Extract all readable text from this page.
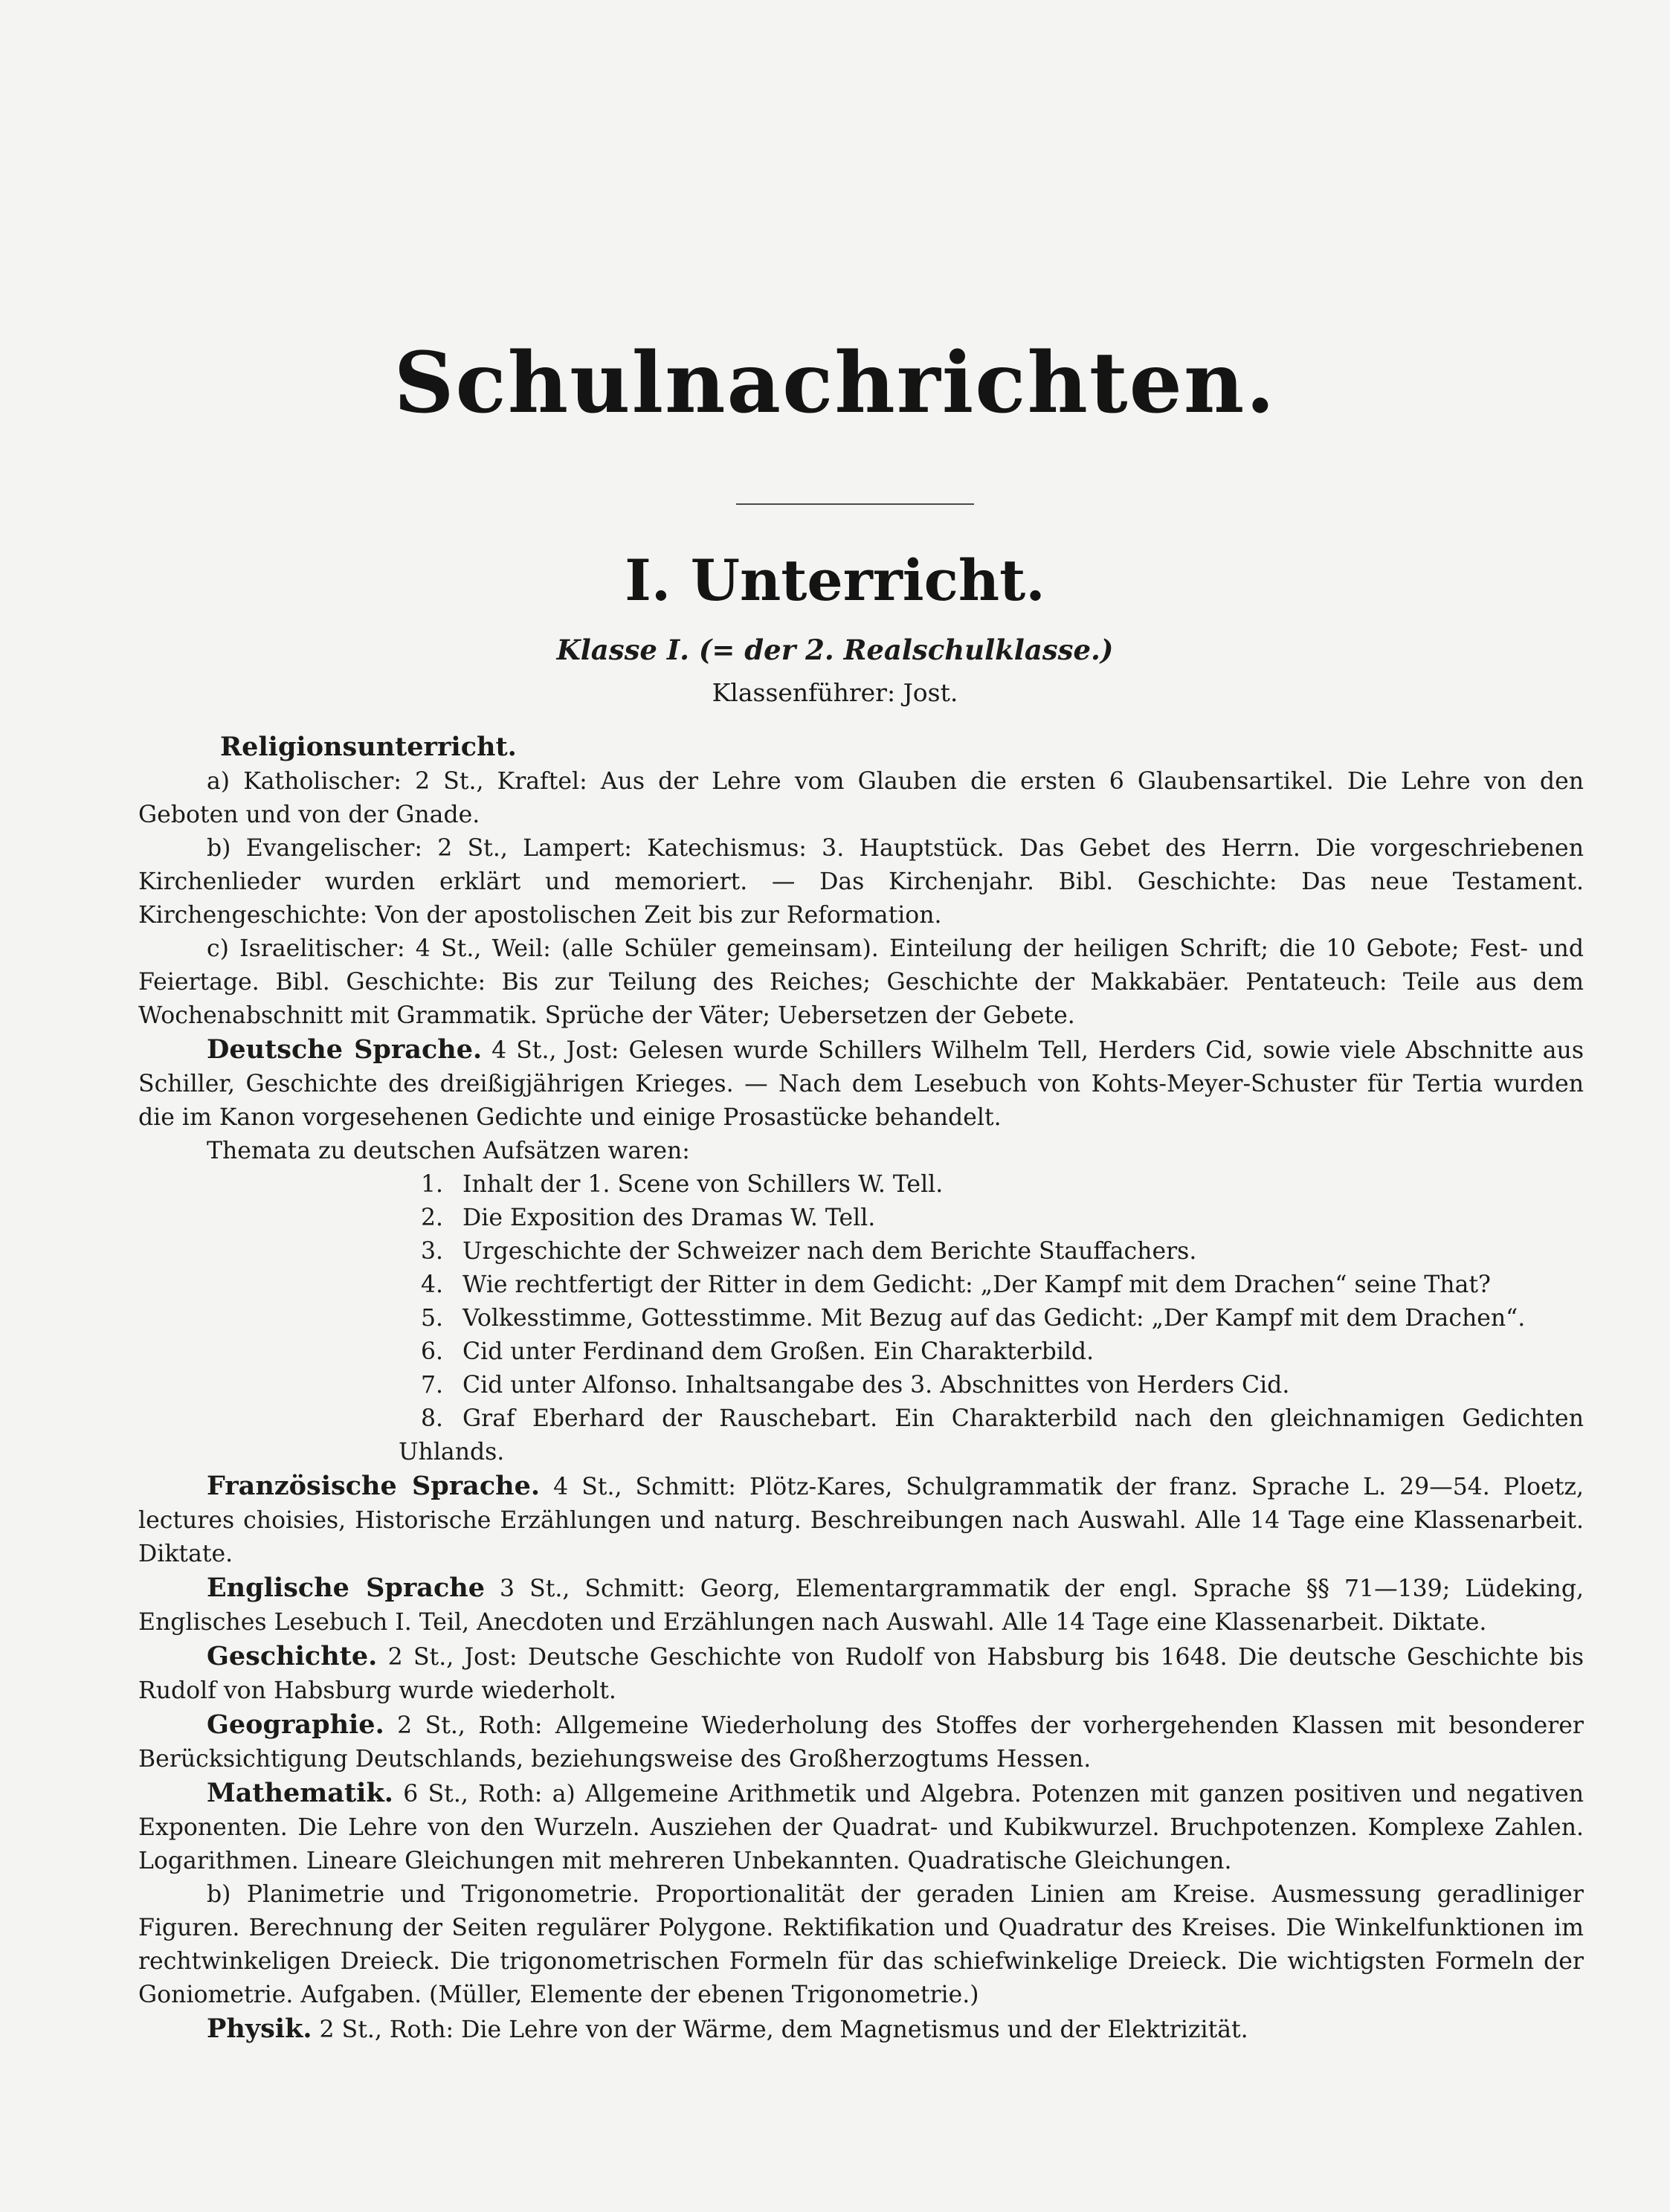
Schulnachrichten.
I. Unterricht.
Klasse I. (= der 2. Realschulklasse.)
Klassenführer: Jost.

Religionsunterricht.

a) Katholischer: 2 St., Kraftel: Aus der Lehre vom Glauben die ersten 6 Glaubensartikel. Die Lehre von den Geboten und von der Gnade.

b) Evangelischer: 2 St., Lampert: Katechismus: 3. Hauptstück. Das Gebet des Herrn. Die vorgeschriebenen Kirchenlieder wurden erklärt und memoriert. — Das Kirchenjahr. Bibl. Geschichte: Das neue Testament. Kirchengeschichte: Von der apostolischen Zeit bis zur Reformation.

c) Israelitischer: 4 St., Weil: (alle Schüler gemeinsam). Einteilung der heiligen Schrift; die 10 Gebote; Fest- und Feiertage. Bibl. Geschichte: Bis zur Teilung des Reiches; Geschichte der Makkabäer. Pentateuch: Teile aus dem Wochenabschnitt mit Grammatik. Sprüche der Väter; Uebersetzen der Gebete.

Deutsche Sprache. 4 St., Jost: Gelesen wurde Schillers Wilhelm Tell, Herders Cid, sowie viele Abschnitte aus Schiller, Geschichte des dreißigjährigen Krieges. — Nach dem Lesebuch von Kohts-Meyer-Schuster für Tertia wurden die im Kanon vorgesehenen Gedichte und einige Prosastücke behandelt.

Themata zu deutschen Aufsätzen waren:

1. Inhalt der 1. Scene von Schillers W. Tell.
2. Die Exposition des Dramas W. Tell.
3. Urgeschichte der Schweizer nach dem Berichte Stauffachers.
4. Wie rechtfertigt der Ritter in dem Gedicht: „Der Kampf mit dem Drachen“ seine That?
5. Volkesstimme, Gottesstimme. Mit Bezug auf das Gedicht: „Der Kampf mit dem Drachen“.
6. Cid unter Ferdinand dem Großen. Ein Charakterbild.
7. Cid unter Alfonso. Inhaltsangabe des 3. Abschnittes von Herders Cid.
8. Graf Eberhard der Rauschebart. Ein Charakterbild nach den gleichnamigen Gedichten Uhlands.

Französische Sprache. 4 St., Schmitt: Plötz-Kares, Schulgrammatik der franz. Sprache L. 29—54. Ploetz, lectures choisies, Historische Erzählungen und naturg. Beschreibungen nach Auswahl. Alle 14 Tage eine Klassenarbeit. Diktate.

Englische Sprache 3 St., Schmitt: Georg, Elementargrammatik der engl. Sprache §§ 71—139; Lüdeking, Englisches Lesebuch I. Teil, Anecdoten und Erzählungen nach Auswahl. Alle 14 Tage eine Klassenarbeit. Diktate.

Geschichte. 2 St., Jost: Deutsche Geschichte von Rudolf von Habsburg bis 1648. Die deutsche Geschichte bis Rudolf von Habsburg wurde wiederholt.

Geographie. 2 St., Roth: Allgemeine Wiederholung des Stoffes der vorhergehenden Klassen mit besonderer Berücksichtigung Deutschlands, beziehungsweise des Großherzogtums Hessen.

Mathematik. 6 St., Roth: a) Allgemeine Arithmetik und Algebra. Potenzen mit ganzen positiven und negativen Exponenten. Die Lehre von den Wurzeln. Ausziehen der Quadrat- und Kubikwurzel. Bruchpotenzen. Komplexe Zahlen. Logarithmen. Lineare Gleichungen mit mehreren Unbekannten. Quadratische Gleichungen.

b) Planimetrie und Trigonometrie. Proportionalität der geraden Linien am Kreise. Ausmessung geradliniger Figuren. Berechnung der Seiten regulärer Polygone. Rektifikation und Quadratur des Kreises. Die Winkelfunktionen im rechtwinkeligen Dreieck. Die trigonometrischen Formeln für das schiefwinkelige Dreieck. Die wichtigsten Formeln der Goniometrie. Aufgaben. (Müller, Elemente der ebenen Trigonometrie.)

Physik. 2 St., Roth: Die Lehre von der Wärme, dem Magnetismus und der Elektrizität.
